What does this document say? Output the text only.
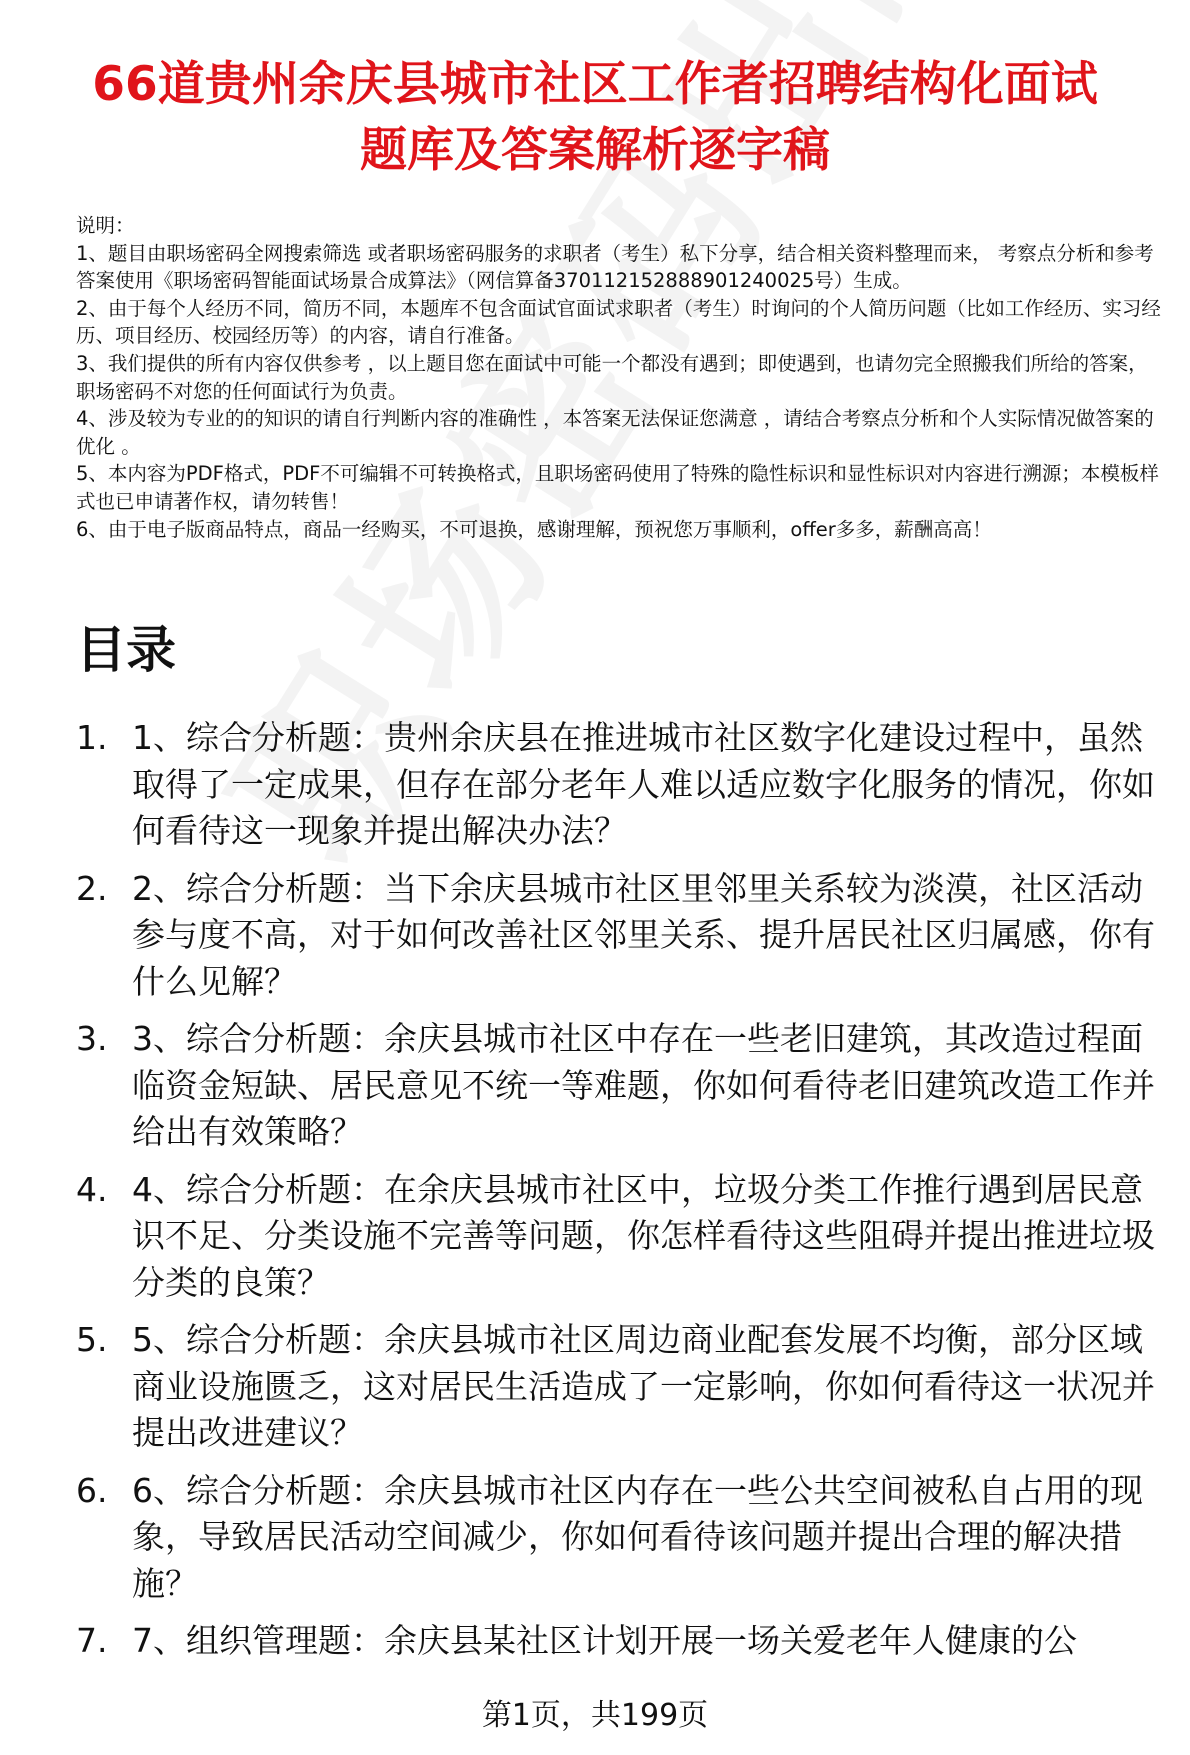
66道贵州余庆县城市社区工作者招聘结构化面试题库及答案解析逐字稿

说明：

1、题目由职场密码全网搜索筛选 或者职场密码服务的求职者（考生）私下分享，结合相关资料整理而来， 考察点分析和参考答案使用《职场密码智能面试场景合成算法》（网信算备370112152888901240025号）生成。

2、由于每个人经历不同，简历不同，本题库不包含面试官面试求职者（考生）时询问的个人简历问题（比如工作经历、实习经历、项目经历、校园经历等）的内容，请自行准备。

3、我们提供的所有内容仅供参考 ，以上题目您在面试中可能一个都没有遇到；即使遇到，也请勿完全照搬我们所给的答案，职场密码不对您的任何面试行为负责。

4、涉及较为专业的的知识的请自行判断内容的准确性 ，本答案无法保证您满意 ，请结合考察点分析和个人实际情况做答案的优化 。

5、本内容为PDF格式，PDF不可编辑不可转换格式，且职场密码使用了特殊的隐性标识和显性标识对内容进行溯源；本模板样式也已申请著作权，请勿转售！

6、由于电子版商品特点，商品一经购买，不可退换，感谢理解，预祝您万事顺利，offer多多，薪酬高高！

目录
1. 1、综合分析题：贵州余庆县在推进城市社区数字化建设过程中，虽然取得了一定成果，但存在部分老年人难以适应数字化服务的情况，你如何看待这一现象并提出解决办法？
2. 2、综合分析题：当下余庆县城市社区里邻里关系较为淡漠，社区活动参与度不高，对于如何改善社区邻里关系、提升居民社区归属感，你有什么见解？
3. 3、综合分析题：余庆县城市社区中存在一些老旧建筑，其改造过程面临资金短缺、居民意见不统一等难题，你如何看待老旧建筑改造工作并给出有效策略？
4. 4、综合分析题：在余庆县城市社区中，垃圾分类工作推行遇到居民意识不足、分类设施不完善等问题，你怎样看待这些阻碍并提出推进垃圾分类的良策？
5. 5、综合分析题：余庆县城市社区周边商业配套发展不均衡，部分区域商业设施匮乏，这对居民生活造成了一定影响，你如何看待这一状况并提出改进建议？
6. 6、综合分析题：余庆县城市社区内存在一些公共空间被私自占用的现象，导致居民活动空间减少，你如何看待该问题并提出合理的解决措施？
7. 7、组织管理题：余庆县某社区计划开展一场关爱老年人健康的公
第1页，共199页
